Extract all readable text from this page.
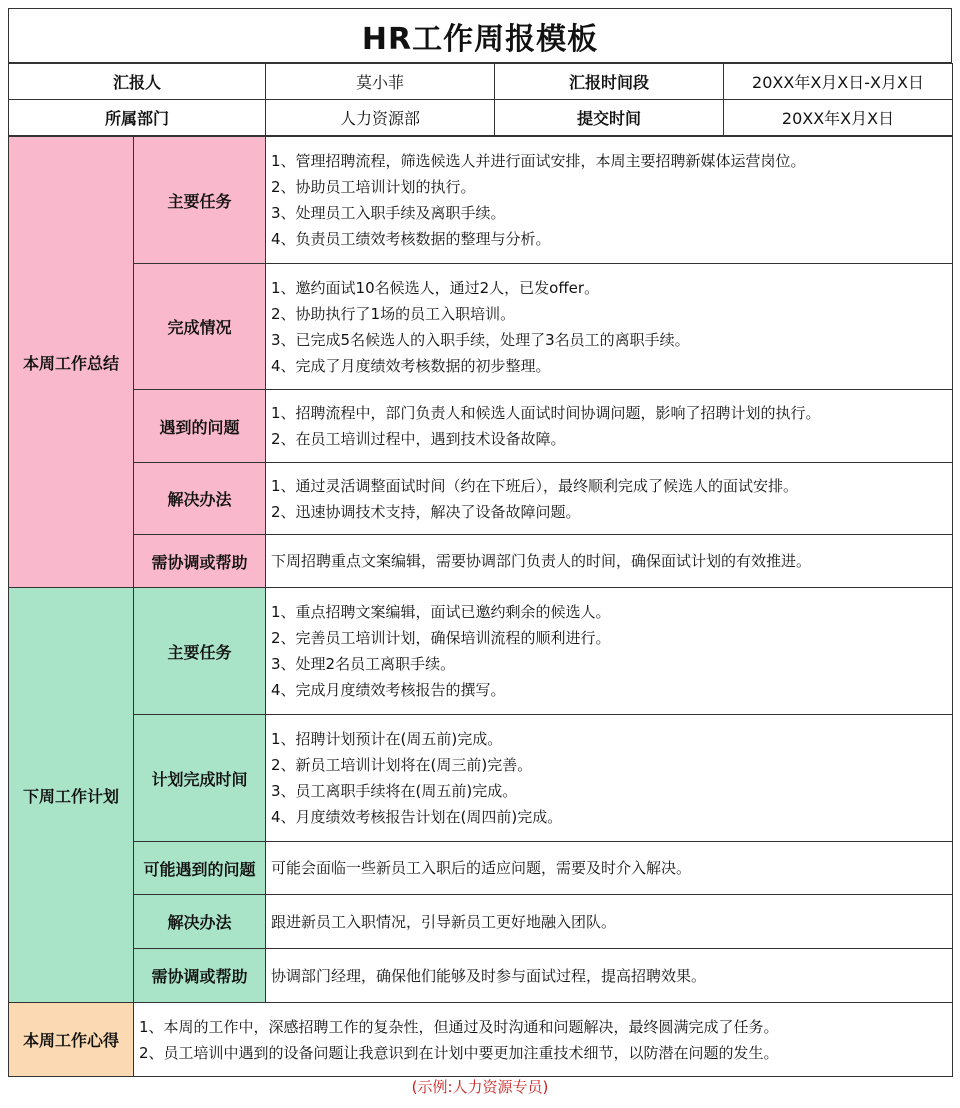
HR工作周报模板
汇报人	莫小菲	汇报时间段	20XX年X月X日-X月X日
所属部门	人力资源部	提交时间	20XX年X月X日
本周工作总结	主要任务	1、管理招聘流程，筛选候选人并进行面试安排，本周主要招聘新媒体运营岗位。
2、协助员工培训计划的执行。
3、处理员工入职手续及离职手续。
4、负责员工绩效考核数据的整理与分析。

	完成情况	1、邀约面试10名候选人，通过2人，已发offer。
2、协助执行了1场的员工入职培训。
3、已完成5名候选人的入职手续，处理了3名员工的离职手续。
4、完成了月度绩效考核数据的初步整理。

	遇到的问题	1、招聘流程中，部门负责人和候选人面试时间协调问题，影响了招聘计划的执行。
2、在员工培训过程中，遇到技术设备故障。

	解决办法	1、通过灵活调整面试时间（约在下班后），最终顺利完成了候选人的面试安排。
2、迅速协调技术支持，解决了设备故障问题。

	需协调或帮助	下周招聘重点文案编辑，需要协调部门负责人的时间，确保面试计划的有效推进。

下周工作计划	主要任务	1、重点招聘文案编辑，面试已邀约剩余的候选人。
2、完善员工培训计划，确保培训流程的顺利进行。
3、处理2名员工离职手续。
4、完成月度绩效考核报告的撰写。

	计划完成时间	1、招聘计划预计在(周五前)完成。
2、新员工培训计划将在(周三前)完善。
3、员工离职手续将在(周五前)完成。
4、月度绩效考核报告计划在(周四前)完成。

	可能遇到的问题	可能会面临一些新员工入职后的适应问题，需要及时介入解决。

	解决办法	跟进新员工入职情况，引导新员工更好地融入团队。

	需协调或帮助	协调部门经理，确保他们能够及时参与面试过程，提高招聘效果。

本周工作心得	1、本周的工作中，深感招聘工作的复杂性，但通过及时沟通和问题解决，最终圆满完成了任务。
2、员工培训中遇到的设备问题让我意识到在计划中要更加注重技术细节，以防潜在问题的发生。	
(示例:人力资源专员)
